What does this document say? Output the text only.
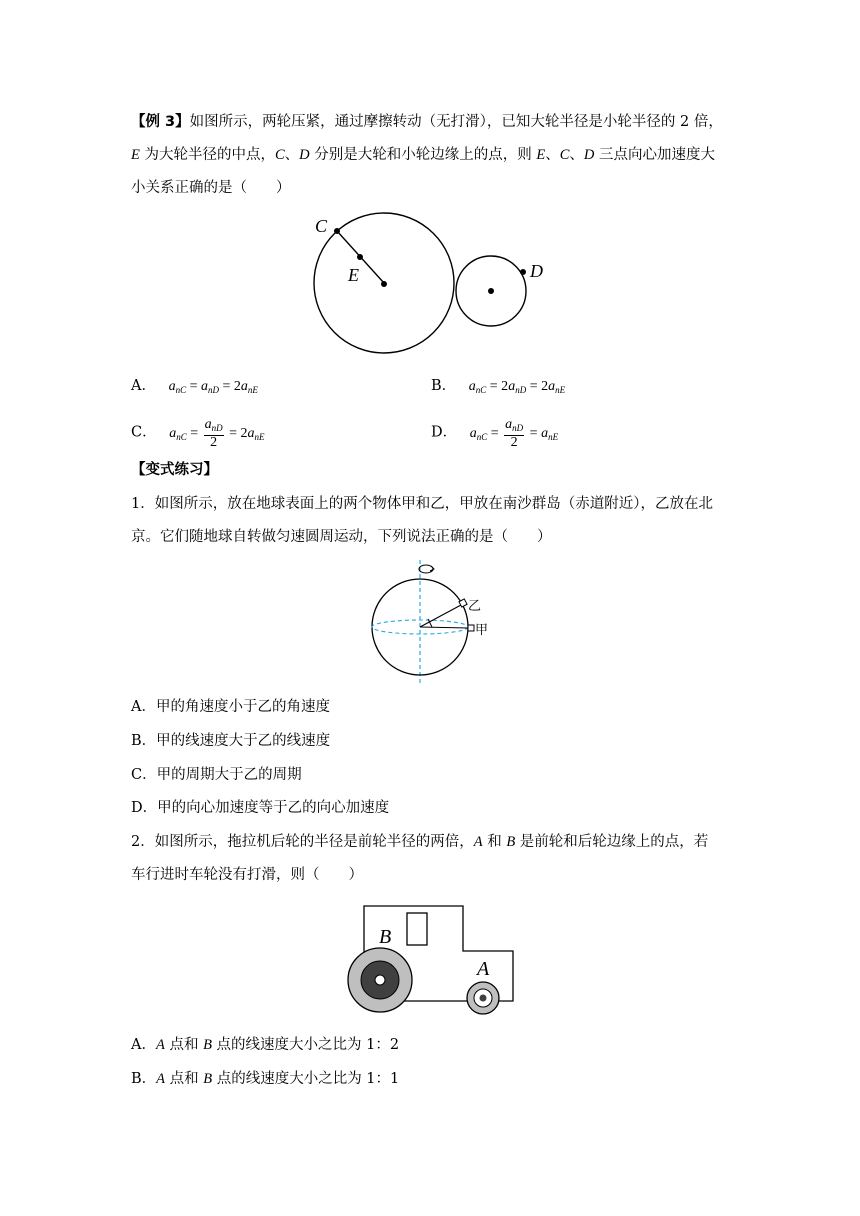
【例 3】如图所示，两轮压紧，通过摩擦转动（无打滑），已知大轮半径是小轮半径的 2 倍，
E 为大轮半径的中点，C、D 分别是大轮和小轮边缘上的点，则 E、C、D 三点向心加速度大
小关系正确的是（　　）
C
E	D
A． $a_{nC} = a_{nD} = 2a_{nE}$	B． $a_{nC} = 2a_{nD} = 2a_{nE}$
C． $a_{nC} = \frac{a_{nD}}{2} = 2a_{nE}$	D． $a_{nC} = \frac{a_{nD}}{2} = a_{nE}$
【变式练习】
1．如图所示，放在地球表面上的两个物体甲和乙，甲放在南沙群岛（赤道附近），乙放在北
京。它们随地球自转做匀速圆周运动，下列说法正确的是（　　）
乙
甲
A．甲的角速度小于乙的角速度
B．甲的线速度大于乙的线速度
C．甲的周期大于乙的周期
D．甲的向心加速度等于乙的向心加速度
2．如图所示，拖拉机后轮的半径是前轮半径的两倍，A 和 B 是前轮和后轮边缘上的点，若
车行进时车轮没有打滑，则（　　）
B
A
A．A 点和 B 点的线速度大小之比为 1：2
B．A 点和 B 点的线速度大小之比为 1：1
